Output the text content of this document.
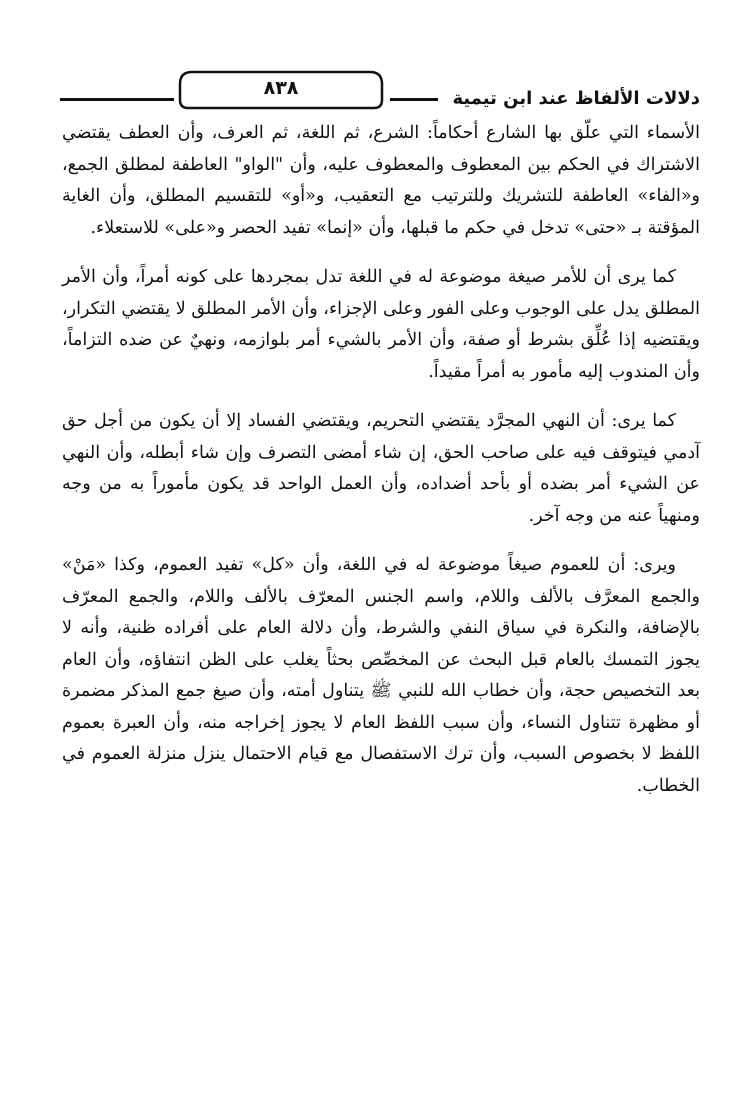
٨٣٨	دلالات الألفاظ عند ابن تيمية

الأسماء التي علّق بها الشارع أحكاماً: الشرع، ثم اللغة، ثم العرف، وأن العطف يقتضي الاشتراك في الحكم بين المعطوف والمعطوف عليه، وأن "الواو" العاطفة لمطلق الجمع، و«الفاء» العاطفة للتشريك وللترتيب مع التعقيب، و«أو» للتقسيم المطلق، وأن الغاية المؤقتة بـ «حتى» تدخل في حكم ما قبلها، وأن «إنما» تفيد الحصر و«على» للاستعلاء.

كما يرى أن للأمر صيغة موضوعة له في اللغة تدل بمجردها على كونه أمراً، وأن الأمر المطلق يدل على الوجوب وعلى الفور وعلى الإجزاء، وأن الأمر المطلق لا يقتضي التكرار، ويقتضيه إذا عُلِّق بشرط أو صفة، وأن الأمر بالشيء أمر بلوازمه، ونهيٌ عن ضده التزاماً، وأن المندوب إليه مأمور به أمراً مقيداً.

كما يرى: أن النهي المجرَّد يقتضي التحريم، ويقتضي الفساد إلا أن يكون من أجل حق آدمي فيتوقف فيه على صاحب الحق، إن شاء أمضى التصرف وإن شاء أبطله، وأن النهي عن الشيء أمر بضده أو بأحد أضداده، وأن العمل الواحد قد يكون مأموراً به من وجه ومنهياً عنه من وجه آخر.

ويرى: أن للعموم صيغاً موضوعة له في اللغة، وأن «كل» تفيد العموم، وكذا «مَنْ» والجمع المعرَّف بالألف واللام، واسم الجنس المعرّف بالألف واللام، والجمع المعرّف بالإضافة، والنكرة في سياق النفي والشرط، وأن دلالة العام على أفراده ظنية، وأنه لا يجوز التمسك بالعام قبل البحث عن المخصِّص بحثاً يغلب على الظن انتفاؤه، وأن العام بعد التخصيص حجة، وأن خطاب الله للنبي ﷺ يتناول أمته، وأن صيغ جمع المذكر مضمرة أو مظهرة تتناول النساء، وأن سبب اللفظ العام لا يجوز إخراجه منه، وأن العبرة بعموم اللفظ لا بخصوص السبب، وأن ترك الاستفصال مع قيام الاحتمال ينزل منزلة العموم في الخطاب.
